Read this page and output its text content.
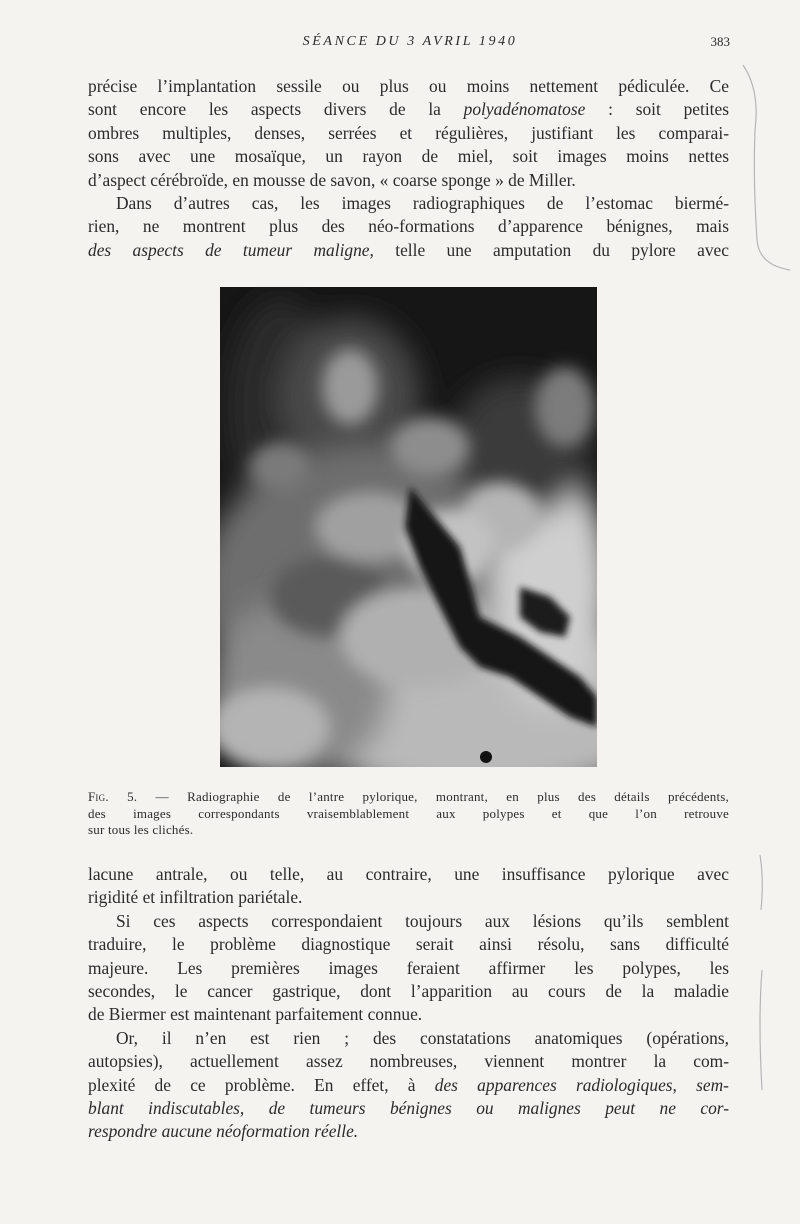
SÉANCE DU 3 AVRIL 1940	383
précise l’implantation sessile ou plus ou moins nettement pédiculée. Ce
sont encore les aspects divers de la polyadénomatose : soit petites
ombres multiples, denses, serrées et régulières, justifiant les comparai-
sons avec une mosaïque, un rayon de miel, soit images moins nettes
d’aspect cérébroïde, en mousse de savon, « coarse sponge » de Miller.
Dans d’autres cas, les images radiographiques de l’estomac biermé-
rien, ne montrent plus des néo-formations d’apparence bénignes, mais
des aspects de tumeur maligne, telle une amputation du pylore avec
Fig. 5. — Radiographie de l’antre pylorique, montrant, en plus des détails précédents,
des images correspondants vraisemblablement aux polypes et que l’on retrouve
sur tous les clichés.
lacune antrale, ou telle, au contraire, une insuffisance pylorique avec
rigidité et infiltration pariétale.
Si ces aspects correspondaient toujours aux lésions qu’ils semblent
traduire, le problème diagnostique serait ainsi résolu, sans difficulté
majeure. Les premières images feraient affirmer les polypes, les
secondes, le cancer gastrique, dont l’apparition au cours de la maladie
de Biermer est maintenant parfaitement connue.
Or, il n’en est rien ; des constatations anatomiques (opérations,
autopsies), actuellement assez nombreuses, viennent montrer la com-
plexité de ce problème. En effet, à des apparences radiologiques, sem-
blant indiscutables, de tumeurs bénignes ou malignes peut ne cor-
respondre aucune néoformation réelle.
